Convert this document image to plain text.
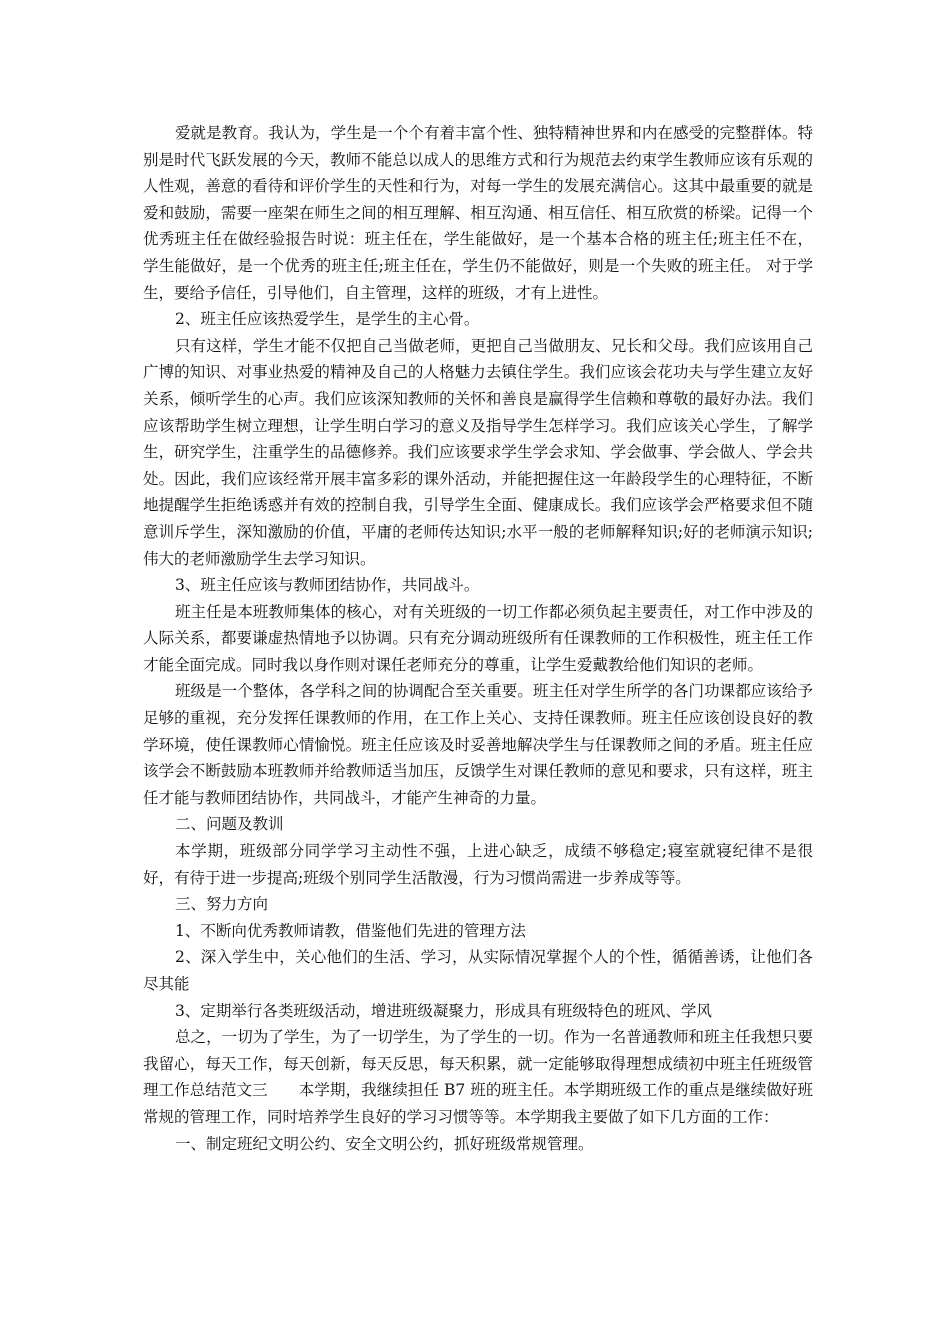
爱就是教育。我认为，学生是一个个有着丰富个性、独特精神世界和内在感受的完整群体。特别是时代飞跃发展的今天，教师不能总以成人的思维方式和行为规范去约束学生教师应该有乐观的人性观，善意的看待和评价学生的天性和行为，对每一学生的发展充满信心。这其中最重要的就是爱和鼓励，需要一座架在师生之间的相互理解、相互沟通、相互信任、相互欣赏的桥梁。记得一个优秀班主任在做经验报告时说：班主任在，学生能做好，是一个基本合格的班主任;班主任不在，学生能做好，是一个优秀的班主任;班主任在，学生仍不能做好，则是一个失败的班主任。 对于学生，要给予信任，引导他们，自主管理，这样的班级，才有上进性。

2、班主任应该热爱学生，是学生的主心骨。

只有这样，学生才能不仅把自己当做老师，更把自己当做朋友、兄长和父母。我们应该用自己广博的知识、对事业热爱的精神及自己的人格魅力去镇住学生。我们应该会花功夫与学生建立友好关系，倾听学生的心声。我们应该深知教师的关怀和善良是赢得学生信赖和尊敬的最好办法。我们应该帮助学生树立理想，让学生明白学习的意义及指导学生怎样学习。我们应该关心学生，了解学生，研究学生，注重学生的品德修养。我们应该要求学生学会求知、学会做事、学会做人、学会共处。因此，我们应该经常开展丰富多彩的课外活动，并能把握住这一年龄段学生的心理特征，不断地提醒学生拒绝诱惑并有效的控制自我，引导学生全面、健康成长。我们应该学会严格要求但不随意训斥学生，深知激励的价值，平庸的老师传达知识;水平一般的老师解释知识;好的老师演示知识;伟大的老师激励学生去学习知识。

3、班主任应该与教师团结协作，共同战斗。

班主任是本班教师集体的核心，对有关班级的一切工作都必须负起主要责任，对工作中涉及的人际关系，都要谦虚热情地予以协调。只有充分调动班级所有任课教师的工作积极性，班主任工作才能全面完成。同时我以身作则对课任老师充分的尊重，让学生爱戴教给他们知识的老师。

班级是一个整体，各学科之间的协调配合至关重要。班主任对学生所学的各门功课都应该给予足够的重视，充分发挥任课教师的作用，在工作上关心、支持任课教师。班主任应该创设良好的教学环境，使任课教师心情愉悦。班主任应该及时妥善地解决学生与任课教师之间的矛盾。班主任应该学会不断鼓励本班教师并给教师适当加压，反馈学生对课任教师的意见和要求，只有这样，班主任才能与教师团结协作，共同战斗，才能产生神奇的力量。

二、问题及教训

本学期，班级部分同学学习主动性不强，上进心缺乏，成绩不够稳定;寝室就寝纪律不是很好，有待于进一步提高;班级个别同学生活散漫，行为习惯尚需进一步养成等等。

三、努力方向

1、不断向优秀教师请教，借鉴他们先进的管理方法

2、深入学生中，关心他们的生活、学习，从实际情况掌握个人的个性，循循善诱，让他们各尽其能

3、定期举行各类班级活动，增进班级凝聚力，形成具有班级特色的班风、学风

总之，一切为了学生，为了一切学生，为了学生的一切。作为一名普通教师和班主任我想只要我留心，每天工作，每天创新，每天反思，每天积累，就一定能够取得理想成绩初中班主任班级管理工作总结范文三　　本学期，我继续担任 B7 班的班主任。本学期班级工作的重点是继续做好班常规的管理工作，同时培养学生良好的学习习惯等等。本学期我主要做了如下几方面的工作：

一、制定班纪文明公约、安全文明公约，抓好班级常规管理。
